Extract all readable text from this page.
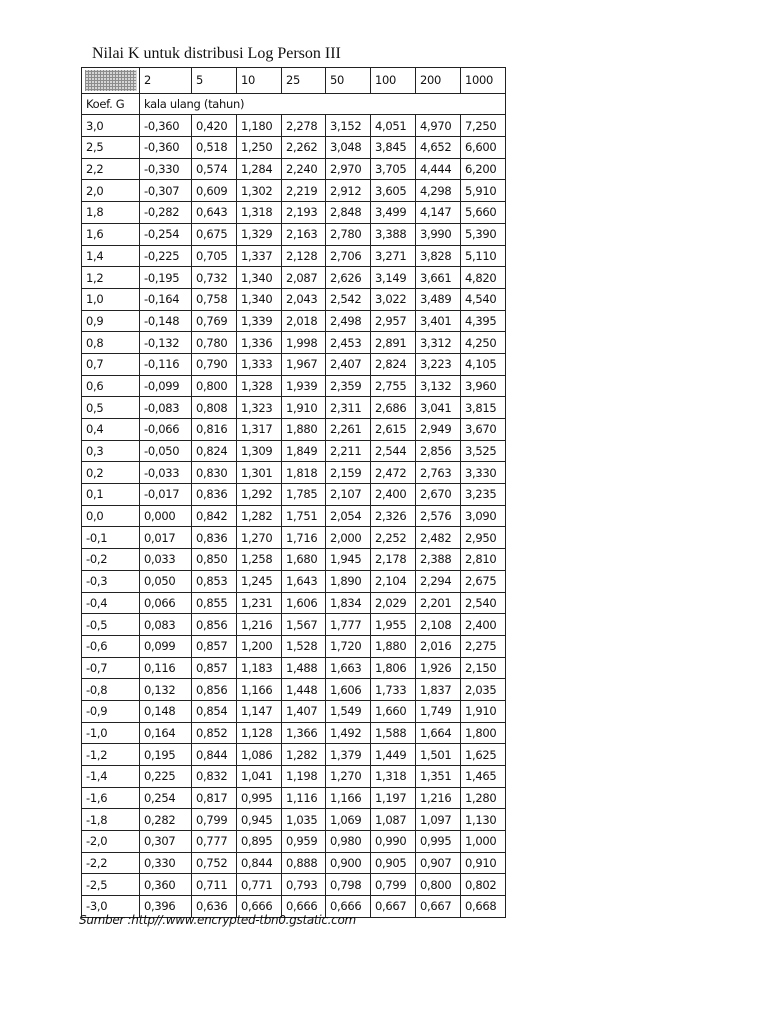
Nilai K untuk distribusi Log Person III
	2	5	10	25	50	100	200	1000
Koef. G	kala ulang (tahun)							
3,0	-0,360	0,420	1,180	2,278	3,152	4,051	4,970	7,250
2,5	-0,360	0,518	1,250	2,262	3,048	3,845	4,652	6,600
2,2	-0,330	0,574	1,284	2,240	2,970	3,705	4,444	6,200
2,0	-0,307	0,609	1,302	2,219	2,912	3,605	4,298	5,910
1,8	-0,282	0,643	1,318	2,193	2,848	3,499	4,147	5,660
1,6	-0,254	0,675	1,329	2,163	2,780	3,388	3,990	5,390
1,4	-0,225	0,705	1,337	2,128	2,706	3,271	3,828	5,110
1,2	-0,195	0,732	1,340	2,087	2,626	3,149	3,661	4,820
1,0	-0,164	0,758	1,340	2,043	2,542	3,022	3,489	4,540
0,9	-0,148	0,769	1,339	2,018	2,498	2,957	3,401	4,395
0,8	-0,132	0,780	1,336	1,998	2,453	2,891	3,312	4,250
0,7	-0,116	0,790	1,333	1,967	2,407	2,824	3,223	4,105
0,6	-0,099	0,800	1,328	1,939	2,359	2,755	3,132	3,960
0,5	-0,083	0,808	1,323	1,910	2,311	2,686	3,041	3,815
0,4	-0,066	0,816	1,317	1,880	2,261	2,615	2,949	3,670
0,3	-0,050	0,824	1,309	1,849	2,211	2,544	2,856	3,525
0,2	-0,033	0,830	1,301	1,818	2,159	2,472	2,763	3,330
0,1	-0,017	0,836	1,292	1,785	2,107	2,400	2,670	3,235
0,0	0,000	0,842	1,282	1,751	2,054	2,326	2,576	3,090
-0,1	0,017	0,836	1,270	1,716	2,000	2,252	2,482	2,950
-0,2	0,033	0,850	1,258	1,680	1,945	2,178	2,388	2,810
-0,3	0,050	0,853	1,245	1,643	1,890	2,104	2,294	2,675
-0,4	0,066	0,855	1,231	1,606	1,834	2,029	2,201	2,540
-0,5	0,083	0,856	1,216	1,567	1,777	1,955	2,108	2,400
-0,6	0,099	0,857	1,200	1,528	1,720	1,880	2,016	2,275
-0,7	0,116	0,857	1,183	1,488	1,663	1,806	1,926	2,150
-0,8	0,132	0,856	1,166	1,448	1,606	1,733	1,837	2,035
-0,9	0,148	0,854	1,147	1,407	1,549	1,660	1,749	1,910
-1,0	0,164	0,852	1,128	1,366	1,492	1,588	1,664	1,800
-1,2	0,195	0,844	1,086	1,282	1,379	1,449	1,501	1,625
-1,4	0,225	0,832	1,041	1,198	1,270	1,318	1,351	1,465
-1,6	0,254	0,817	0,995	1,116	1,166	1,197	1,216	1,280
-1,8	0,282	0,799	0,945	1,035	1,069	1,087	1,097	1,130
-2,0	0,307	0,777	0,895	0,959	0,980	0,990	0,995	1,000
-2,2	0,330	0,752	0,844	0,888	0,900	0,905	0,907	0,910
-2,5	0,360	0,711	0,771	0,793	0,798	0,799	0,800	0,802
-3,0	0,396	0,636	0,666	0,666	0,666	0,667	0,667	0,668
Sumber :http//.www.encrypted-tbn0.gstatic.com
